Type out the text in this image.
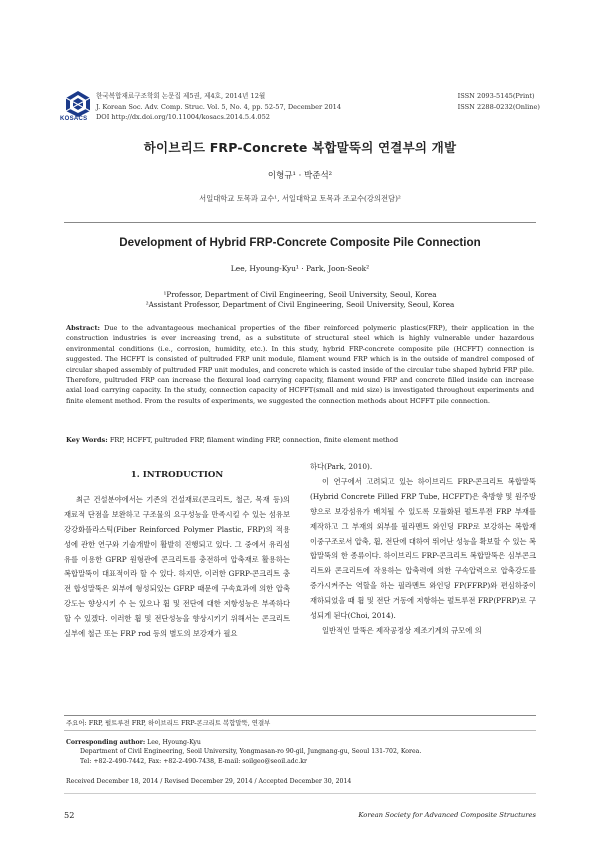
KOSACS
한국복합재료구조학회 논문집 제5권, 제4호, 2014년 12월
J. Korean Soc. Adv. Comp. Struc. Vol. 5, No. 4, pp. 52-57, December 2014
DOI http://dx.doi.org/10.11004/kosacs.2014.5.4.052
ISSN 2093-5145(Print)
ISSN 2288-0232(Online)
하이브리드 FRP-Concrete 복합말뚝의 연결부의 개발
이형규¹ · 박준석²
서일대학교 토목과 교수¹, 서일대학교 토목과 조교수(강의전담)²
Development of Hybrid FRP-Concrete Composite Pile Connection
Lee, Hyoung-Kyu¹ · Park, Joon-Seok²
¹Professor, Department of Civil Engineering, Seoil University, Seoul, Korea
²Assistant Professor, Department of Civil Engineering, Seoil University, Seoul, Korea
Abstract: Due to the advantageous mechanical properties of the fiber reinforced polymeric plastics(FRP), their application in the construction industries is ever increasing trend, as a substitute of structural steel which is highly vulnerable under hazardous environmental conditions (i.e., corrosion, humidity, etc.). In this study, hybrid FRP-concrete composite pile (HCFFT) connection is suggested. The HCFFT is consisted of pultruded FRP unit module, filament wound FRP which is in the outside of mandrel composed of circular shaped assembly of pultruded FRP unit modules, and concrete which is casted inside of the circular tube shaped hybrid FRP pile. Therefore, pultruded FRP can increase the flexural load carrying capacity, filament wound FRP and concrete filled inside can increase axial load carrying capacity. In the study, connection capacity of HCFFT(small and mid size) is investigated throughout experiments and finite element method. From the results of experiments, we suggested the connection methods about HCFFT pile connection.
Key Words: FRP, HCFFT, pultruded FRP, filament winding FRP, connection, finite element method
1. INTRODUCTION

최근 건설분야에서는 기존의 건설재료(콘크리트, 철근, 목재 등)의 재료적 단점을 보완하고 구조물의 요구성능을 만족시킬 수 있는 섬유보강강화플라스틱(Fiber Reinforced Polymer Plastic, FRP)의 적용성에 관한 연구와 기술개발이 활발히 진행되고 있다. 그 중에서 유리섬유를 이용한 GFRP 원형관에 콘크리트를 충전하여 압축재로 활용하는 복합말뚝이 대표적이라 할 수 있다. 하지만, 이러한 GFRP-콘크리트 충전 합성말뚝은 외부에 형성되있는 GFRP 때문에 구속효과에 의한 압축강도는 향상시키 수 는 있으나 휨 및 전단에 대한 저항성능은 부족하다 할 수 있겠다. 이러한 휨 및 전단성능을 향상시키기 위해서는 콘크리트 실부에 철근 또는 FRP rod 등의 별도의 보강재가 필요

하다(Park, 2010).

이 연구에서 고려되고 있는 하이브리드 FRP-콘크리트 복합말뚝(Hybrid Concrete Filled FRP Tube, HCFFT)은 축방향 및 원주방향으로 보강섬유가 배치될 수 있도록 모듈화된 펄트루젼 FRP 부재를 제작하고 그 부재의 외부를 필라멘트 와인딩 FRP로 보강하는 복합재 이중구조로서 압축, 휨, 전단에 대하여 뛰어난 성능을 확보할 수 있는 복합말뚝의 한 종류이다. 하이브리드 FRP-콘크리트 복합말뚝은 심부콘크리트와 콘크리트에 작용하는 압축력에 의한 구속압력으로 압축강도를 증가시켜주는 역할을 하는 필라멘트 와인딩 FP(FFRP)와 편심하중이 재하되었을 때 휨 및 전단 거동에 저항하는 펄트루전 FRP(PFRP)로 구성되게 된다(Choi, 2014).

일반적인 말뚝은 제작공정상 제조기계의 규모에 의

주요어: FRP, 펄트루전 FRP, 하이브리드 FRP-콘크리트 복합말뚝, 연결부
Corresponding author: Lee, Hyoung-Kyu
Department of Civil Engineering, Seoil University, Yongmasan-ro 90-gil, Jungnang-gu, Seoul 131-702, Korea.
Tel: +82-2-490-7442, Fax: +82-2-490-7438, E-mail: soilgeo@seoil.adc.kr
Received December 18, 2014 / Revised December 29, 2014 / Accepted December 30, 2014
52	Korean Society for Advanced Composite Structures
